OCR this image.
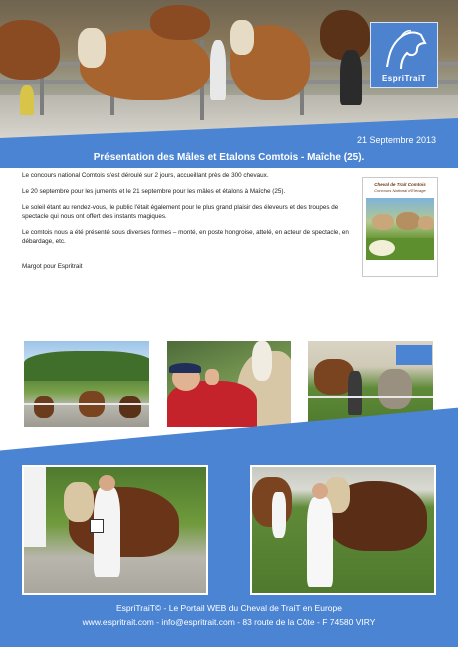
EspriTraiT
21 Septembre 2013
Présentation des Mâles et Etalons Comtois - Maîche (25).

Le concours national Comtois s'est déroulé sur 2 jours, accueillant près de 300 chevaux.

Le 20 septembre pour les juments et le 21 septembre pour les mâles et étalons à Maîche (25).

Le soleil étant au rendez-vous, le public l'était également pour le plus grand plaisir des éleveurs et des troupes de spectacle qui nous ont offert des instants magiques.

Le comtois nous a été présenté sous diverses formes – monté, en poste hongroise, attelé, en acteur de spectacle, en débardage, etc.

Margot pour Espritrait
Cheval de Trait Comtois
Concours National d'Elevage
EspriTraiT© - Le Portail WEB du Cheval de TraiT en Europe
www.espritrait.com - info@espritrait.com - 83 route de la Côte - F 74580 VIRY
